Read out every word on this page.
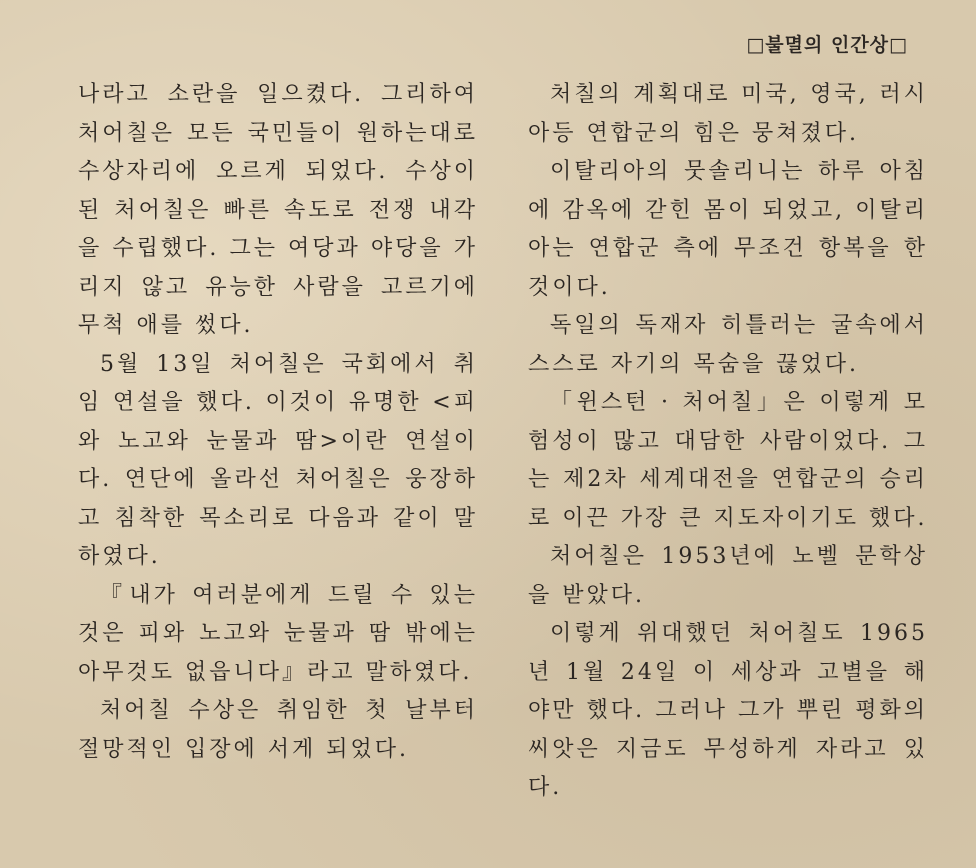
□불멸의 인간상□

나라고 소란을 일으켰다. 그리하여 처어칠은 모든 국민들이 원하는대로 수상자리에 오르게 되었다. 수상이 된 처어칠은 빠른 속도로 전쟁 내각을 수립했다. 그는 여당과 야당을 가리지 않고 유능한 사람을 고르기에 무척 애를 썼다.

5월 13일 처어칠은 국회에서 취임 연설을 했다. 이것이 유명한 <피와 노고와 눈물과 땀>이란 연설이다. 연단에 올라선 처어칠은 웅장하고 침착한 목소리로 다음과 같이 말하였다.

『내가 여러분에게 드릴 수 있는 것은 피와 노고와 눈물과 땀 밖에는 아무것도 없읍니다』라고 말하였다.

처어칠 수상은 취임한 첫 날부터 절망적인 입장에 서게 되었다.

처칠의 계획대로 미국, 영국, 러시아등 연합군의 힘은 뭉쳐졌다.

이탈리아의 뭇솔리니는 하루 아침에 감옥에 갇힌 몸이 되었고, 이탈리아는 연합군 측에 무조건 항복을 한 것이다.

독일의 독재자 히틀러는 굴속에서 스스로 자기의 목숨을 끊었다.

「윈스턴 · 처어칠」은 이렇게 모험성이 많고 대담한 사람이었다. 그는 제2차 세계대전을 연합군의 승리로 이끈 가장 큰 지도자이기도 했다.

처어칠은 1953년에 노벨 문학상을 받았다.

이렇게 위대했던 처어칠도 1965년 1월 24일 이 세상과 고별을 해야만 했다. 그러나 그가 뿌린 평화의 씨앗은 지금도 무성하게 자라고 있다.
